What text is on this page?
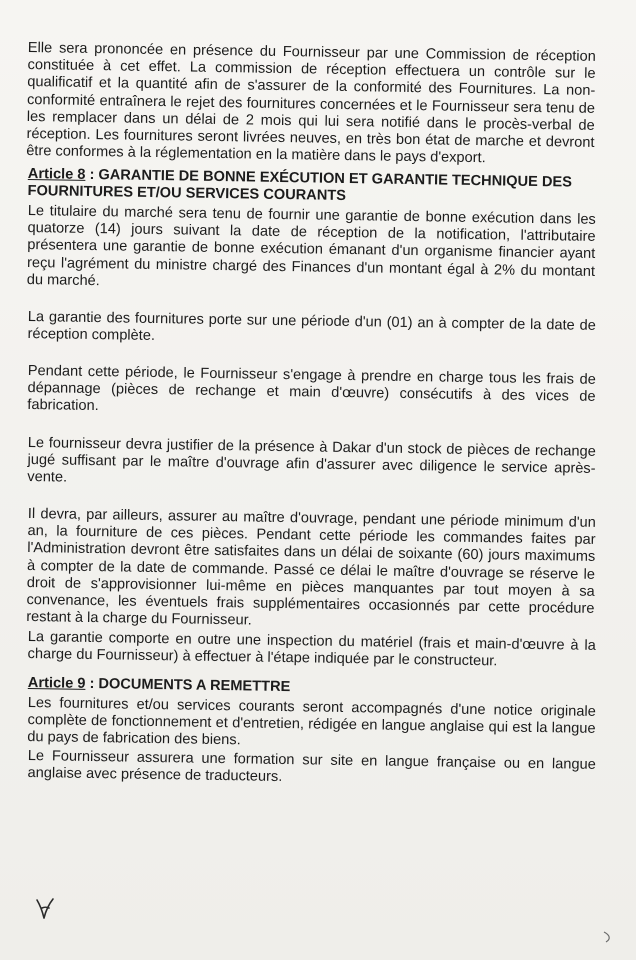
Elle sera prononcée en présence du Fournisseur par une Commission de réception constituée à cet effet. La commission de réception effectuera un contrôle sur le qualificatif et la quantité afin de s'assurer de la conformité des Fournitures. La non-conformité entraînera le rejet des fournitures concernées et le Fournisseur sera tenu de les remplacer dans un délai de 2 mois qui lui sera notifié dans le procès-verbal de réception. Les fournitures seront livrées neuves, en très bon état de marche et devront être conformes à la réglementation en la matière dans le pays d'export.

Article 8 : GARANTIE DE BONNE EXÉCUTION ET GARANTIE TECHNIQUE DES FOURNITURES ET/OU SERVICES COURANTS

Le titulaire du marché sera tenu de fournir une garantie de bonne exécution dans les quatorze (14) jours suivant la date de réception de la notification, l'attributaire présentera une garantie de bonne exécution émanant d'un organisme financier ayant reçu l'agrément du ministre chargé des Finances d'un montant égal à 2% du montant du marché.

La garantie des fournitures porte sur une période d'un (01) an à compter de la date de réception complète.

Pendant cette période, le Fournisseur s'engage à prendre en charge tous les frais de dépannage (pièces de rechange et main d'œuvre) consécutifs à des vices de fabrication.

Le fournisseur devra justifier de la présence à Dakar d'un stock de pièces de rechange jugé suffisant par le maître d'ouvrage afin d'assurer avec diligence le service après-vente.

Il devra, par ailleurs, assurer au maître d'ouvrage, pendant une période minimum d'un an, la fourniture de ces pièces. Pendant cette période les commandes faites par l'Administration devront être satisfaites dans un délai de soixante (60) jours maximums à compter de la date de commande. Passé ce délai le maître d'ouvrage se réserve le droit de s'approvisionner lui-même en pièces manquantes par tout moyen à sa convenance, les éventuels frais supplémentaires occasionnés par cette procédure restant à la charge du Fournisseur.

La garantie comporte en outre une inspection du matériel (frais et main-d'œuvre à la charge du Fournisseur) à effectuer à l'étape indiquée par le constructeur.

Article 9 : DOCUMENTS A REMETTRE

Les fournitures et/ou services courants seront accompagnés d'une notice originale complète de fonctionnement et d'entretien, rédigée en langue anglaise qui est la langue du pays de fabrication des biens.

Le Fournisseur assurera une formation sur site en langue française ou en langue anglaise avec présence de traducteurs.
